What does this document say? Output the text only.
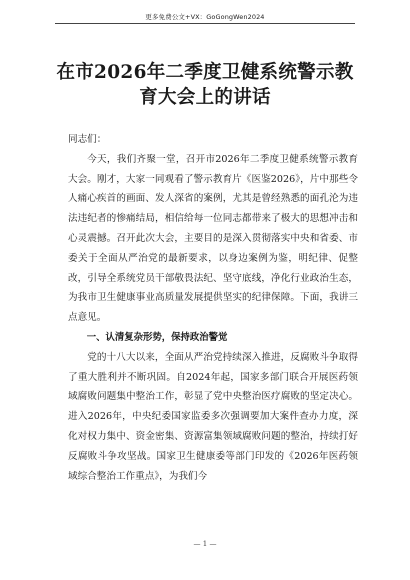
更多免费公文+VX：GoGongWen2024
在市2026年二季度卫健系统警示教育大会上的讲话

同志们：

今天，我们齐聚一堂，召开市2026年二季度卫健系统警示教育大会。刚才，大家一同观看了警示教育片《医鉴2026》，片中那些令人痛心疾首的画面、发人深省的案例，尤其是曾经熟悉的面孔沦为违法违纪者的惨痛结局，相信给每一位同志都带来了极大的思想冲击和心灵震撼。召开此次大会，主要目的是深入贯彻落实中央和省委、市委关于全面从严治党的最新要求，以身边案例为鉴，明纪律、促整改，引导全系统党员干部敬畏法纪、坚守底线，净化行业政治生态，为我市卫生健康事业高质量发展提供坚实的纪律保障。下面，我讲三点意见。

一、认清复杂形势，保持政治警觉

党的十八大以来，全面从严治党持续深入推进，反腐败斗争取得了重大胜利并不断巩固。自2024年起，国家多部门联合开展医药领域腐败问题集中整治工作，彰显了党中央整治医疗腐败的坚定决心。进入2026年，中央纪委国家监委多次强调要加大案件查办力度，深化对权力集中、资金密集、资源富集领域腐败问题的整治，持续打好反腐败斗争攻坚战。国家卫生健康委等部门印发的《2026年医药领域综合整治工作重点》，为我们今

— 1 —
